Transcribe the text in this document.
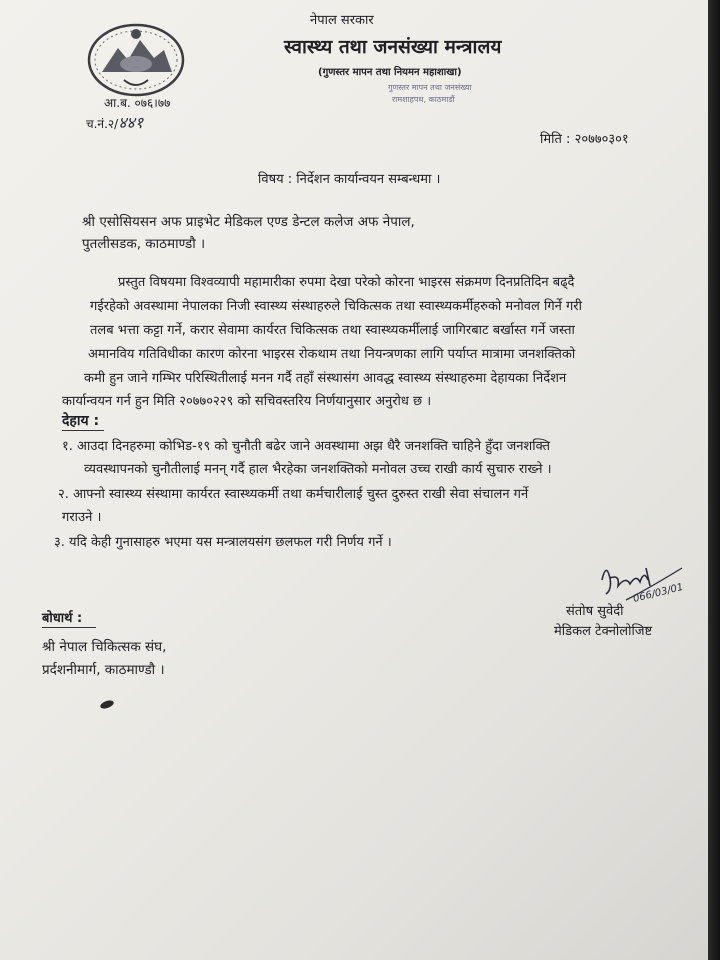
नेपाल सरकार
स्वास्थ्य तथा जनसंख्या मन्त्रालय
(गुणस्तर मापन तथा नियमन महाशाखा)
गुणस्तर मापन तथा जनसंख्या
रामशाहपथ, काठमाडौं
आ.ब. ०७६।७७
च.नं.२/४४१
मिति : २०७७०३०१
विषय : निर्देशन कार्यान्वयन सम्बन्धमा ।
श्री एसोसियसन अफ प्राइभेट मेडिकल एण्ड डेन्टल कलेज अफ नेपाल,
पुतलीसडक, काठमाण्डौ ।
प्रस्तुत विषयमा विश्वव्यापी महामारीका रुपमा देखा परेको कोरना भाइरस संक्रमण दिनप्रतिदिन बढ्दै
गईरहेको अवस्थामा नेपालका निजी स्वास्थ्य संस्थाहरुले चिकित्सक तथा स्वास्थ्यकर्मीहरुको मनोवल गिर्ने गरी
तलब भत्ता कट्टा गर्ने, करार सेवामा कार्यरत चिकित्सक तथा स्वास्थ्यकर्मीलाई जागिरबाट बर्खास्त गर्ने जस्ता
अमानविय गतिविधीका कारण कोरना भाइरस रोकथाम तथा नियन्त्रणका लागि पर्याप्त मात्रामा जनशक्तिको
कमी हुन जाने गम्भिर परिस्थितीलाई मनन गर्दै तहाँ संस्थासंग आवद्ध स्वास्थ्य संस्थाहरुमा देहायका निर्देशन
कार्यान्वयन गर्न हुन मिति २०७७०२२९ को सचिवस्तरिय निर्णयानुसार अनुरोध छ ।
देहाय :
१. आउदा दिनहरुमा कोभिड-१९ को चुनौती बढेर जाने अवस्थामा अझ धैरै जनशक्ति चाहिने हुँदा जनशक्ति
व्यवस्थापनको चुनौतीलाई मनन् गर्दै हाल भैरहेका जनशक्तिको मनोवल उच्च राखी कार्य सुचारु राख्ने ।
२. आफ्नो स्वास्थ्य संस्थामा कार्यरत स्वास्थ्यकर्मी तथा कर्मचारीलाई चुस्त दुरुस्त राखी सेवा संचालन गर्ने
गराउने ।
३. यदि केही गुनासाहरु भएमा यस मन्त्रालयसंग छलफल गरी निर्णय गर्ने ।
066/03/01
संतोष सुवेदी
मेडिकल टेक्नोलोजिष्ट
बोधार्थ :
श्री नेपाल चिकित्सक संघ,
प्रर्दशनीमार्ग, काठमाण्डौ ।
